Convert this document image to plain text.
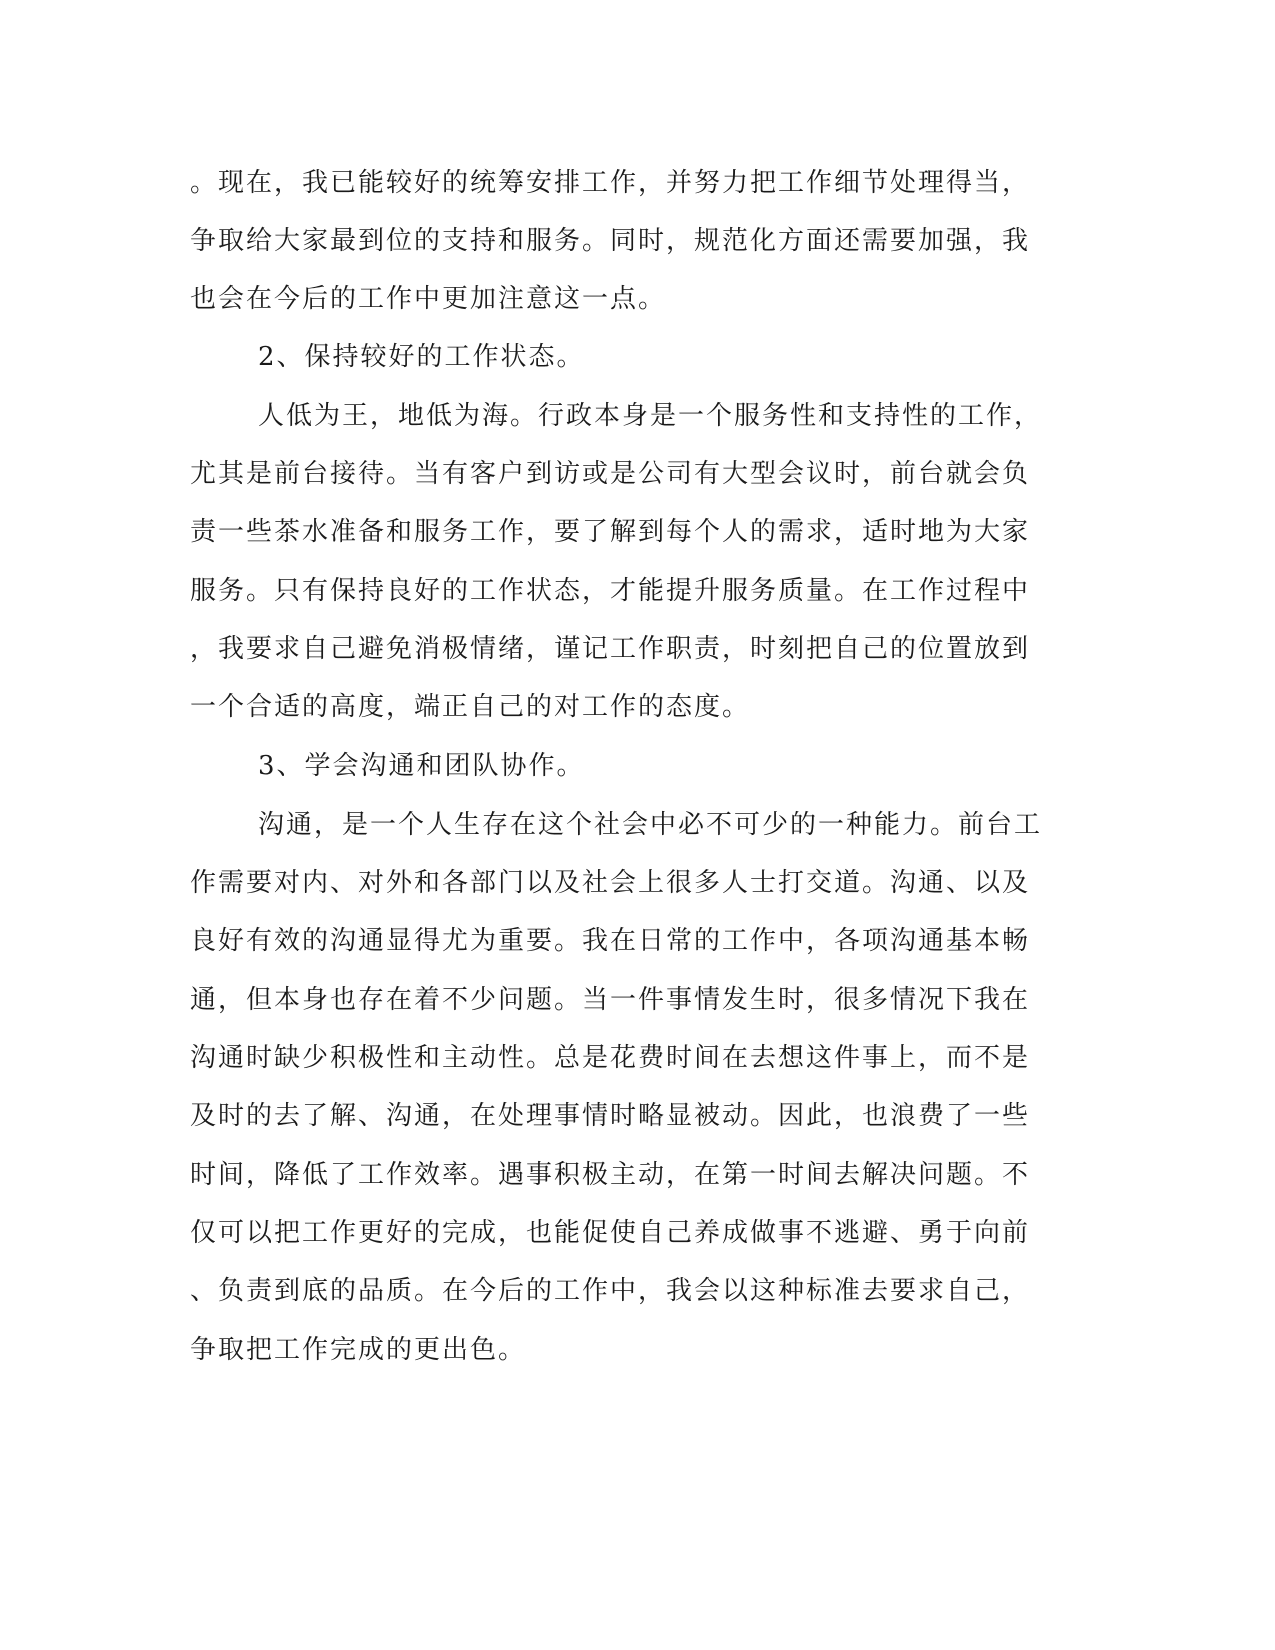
。现在，我已能较好的统筹安排工作，并努力把工作细节处理得当，
争取给大家最到位的支持和服务。同时，规范化方面还需要加强，我
也会在今后的工作中更加注意这一点。
2、保持较好的工作状态。
人低为王，地低为海。行政本身是一个服务性和支持性的工作，
尤其是前台接待。当有客户到访或是公司有大型会议时，前台就会负
责一些茶水准备和服务工作，要了解到每个人的需求，适时地为大家
服务。只有保持良好的工作状态，才能提升服务质量。在工作过程中
，我要求自己避免消极情绪，谨记工作职责，时刻把自己的位置放到
一个合适的高度，端正自己的对工作的态度。
3、学会沟通和团队协作。
沟通，是一个人生存在这个社会中必不可少的一种能力。前台工
作需要对内、对外和各部门以及社会上很多人士打交道。沟通、以及
良好有效的沟通显得尤为重要。我在日常的工作中，各项沟通基本畅
通，但本身也存在着不少问题。当一件事情发生时，很多情况下我在
沟通时缺少积极性和主动性。总是花费时间在去想这件事上，而不是
及时的去了解、沟通，在处理事情时略显被动。因此，也浪费了一些
时间，降低了工作效率。遇事积极主动，在第一时间去解决问题。不
仅可以把工作更好的完成，也能促使自己养成做事不逃避、勇于向前
、负责到底的品质。在今后的工作中，我会以这种标准去要求自己，
争取把工作完成的更出色。
